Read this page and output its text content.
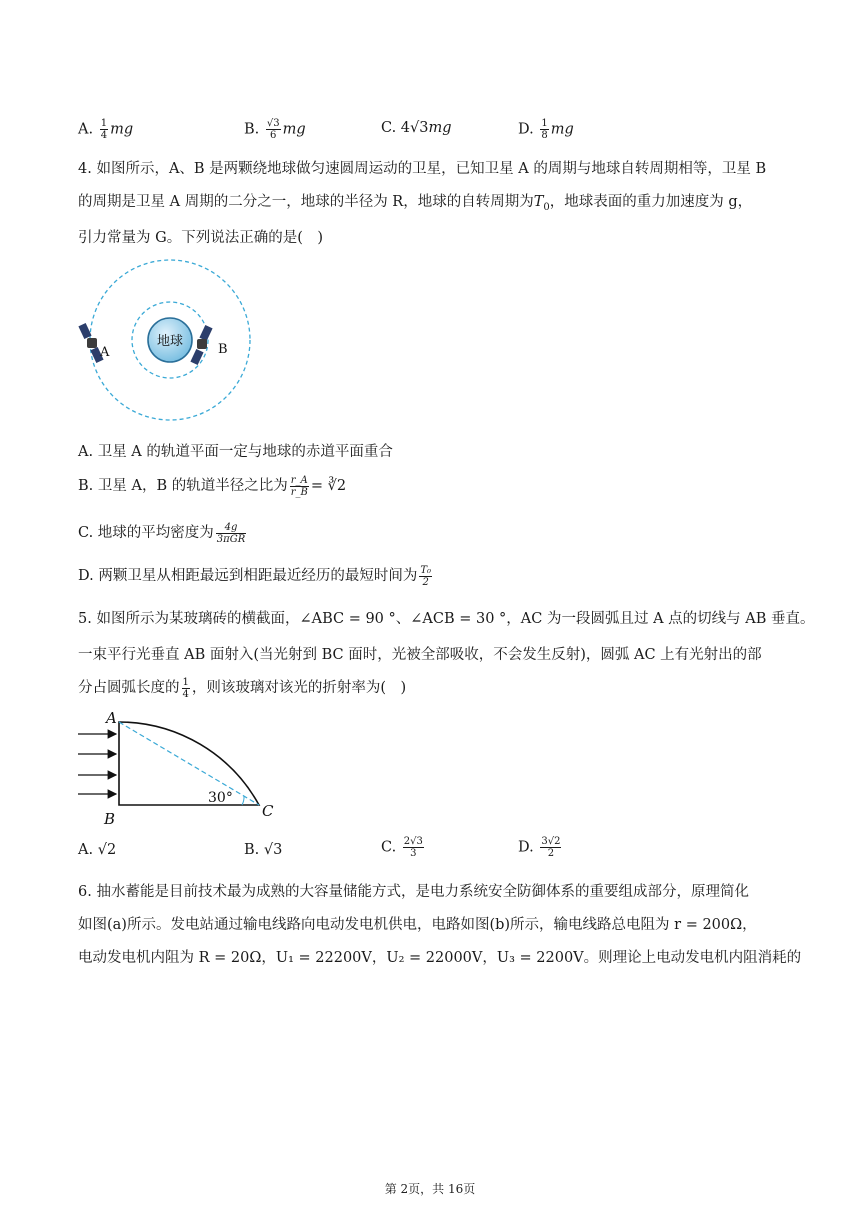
A. $\frac{1}{4}$ mg	B. $\frac{√3}{6}$ mg	C. 4√3mg	D. $\frac{1}{8}$ mg
4. 如图所示，A、B 是两颗绕地球做匀速圆周运动的卫星，已知卫星 A 的周期与地球自转周期相等，卫星 B
的周期是卫星 A 周期的二分之一，地球的半径为 R，地球的自转周期为$T_0$，地球表面的重力加速度为 g，
引力常量为 G。下列说法正确的是(　)
地球
A	B
A. 卫星 A 的轨道平面一定与地球的赤道平面重合
B. 卫星 A，B 的轨道半径之比为 $\frac{r\_A}{r\_B}$ = ∛2
C. 地球的平均密度为 $\frac{4g}{\text{3πGR}}$
D. 两颗卫星从相距最远到相距最近经历的最短时间为 $\frac{\text{T₀}}{2}$
5. 如图所示为某玻璃砖的横截面，∠ABC = 90 °、∠ACB = 30 °，AC 为一段圆弧且过 A 点的切线与 AB 垂直。
一束平行光垂直 AB 面射入(当光射到 BC 面时，光被全部吸收，不会发生反射)，圆弧 AC 上有光射出的部
分占圆弧长度的 $\frac{1}{4}$ ，则该玻璃对该光的折射率为(　)
A
B	C
30°
A. √2	B. √3	C. $\frac{2√3}{3}$	D. $\frac{3√2}{2}$
6. 抽水蓄能是目前技术最为成熟的大容量储能方式，是电力系统安全防御体系的重要组成部分，原理简化
如图(a)所示。发电站通过输电线路向电动发电机供电，电路如图(b)所示，输电线路总电阻为 r = 200Ω，
电动发电机内阻为 R = 20Ω，U₁ = 22200V，U₂ = 22000V，U₃ = 2200V。则理论上电动发电机内阻消耗的
第 2页，共 16页
